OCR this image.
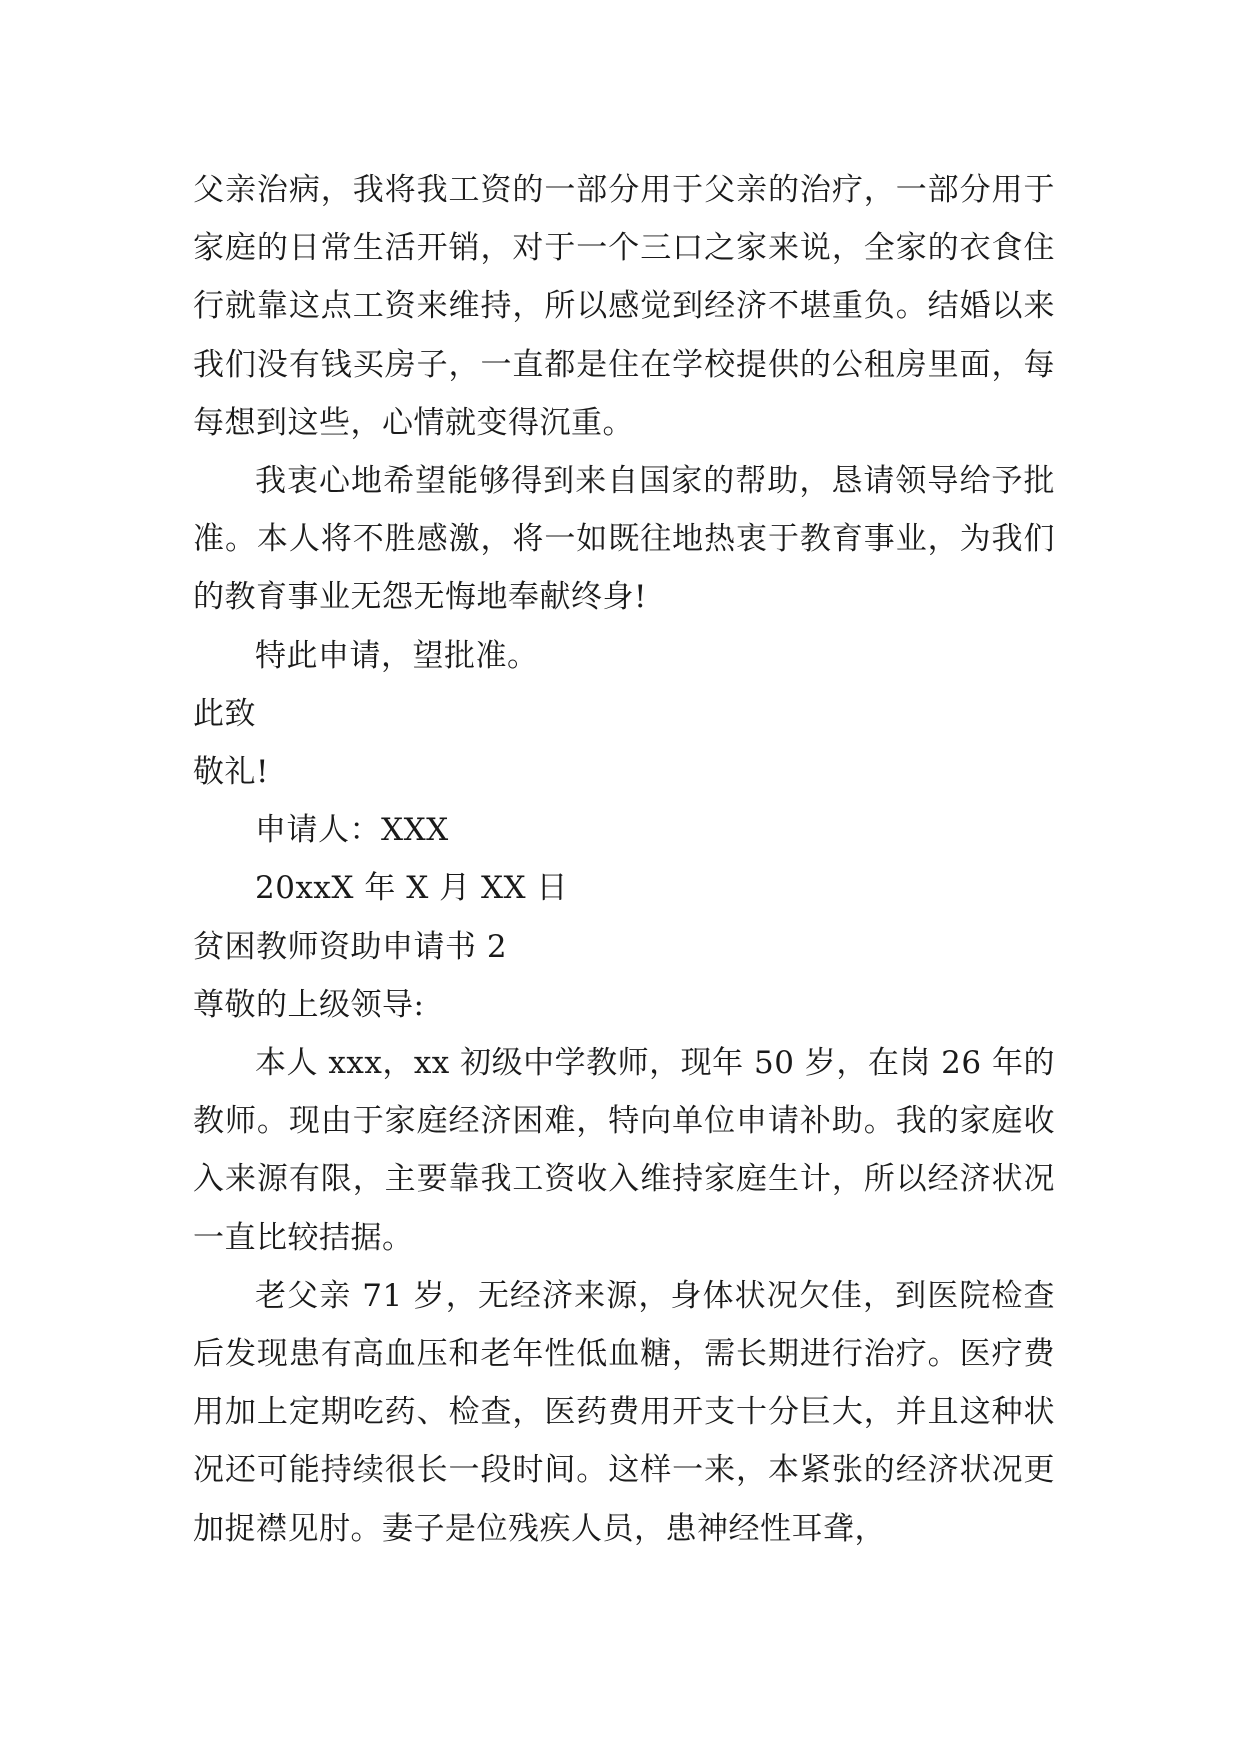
父亲治病，我将我工资的一部分用于父亲的治疗，一部分用于家庭的日常生活开销，对于一个三口之家来说，全家的衣食住行就靠这点工资来维持，所以感觉到经济不堪重负。结婚以来我们没有钱买房子，一直都是住在学校提供的公租房里面，每每想到这些，心情就变得沉重。

我衷心地希望能够得到来自国家的帮助，恳请领导给予批准。本人将不胜感激，将一如既往地热衷于教育事业，为我们的教育事业无怨无悔地奉献终身!

特此申请，望批准。

此致

敬礼!

申请人：XXX

20xxX 年 X 月 XX 日

贫困教师资助申请书 2

尊敬的上级领导:

本人 xxx，xx 初级中学教师，现年 50 岁，在岗 26 年的教师。现由于家庭经济困难，特向单位申请补助。我的家庭收入来源有限，主要靠我工资收入维持家庭生计，所以经济状况一直比较拮据。

老父亲 71 岁，无经济来源，身体状况欠佳，到医院检查后发现患有高血压和老年性低血糖，需长期进行治疗。医疗费用加上定期吃药、检查，医药费用开支十分巨大，并且这种状况还可能持续很长一段时间。这样一来，本紧张的经济状况更加捉襟见肘。妻子是位残疾人员，患神经性耳聋，
